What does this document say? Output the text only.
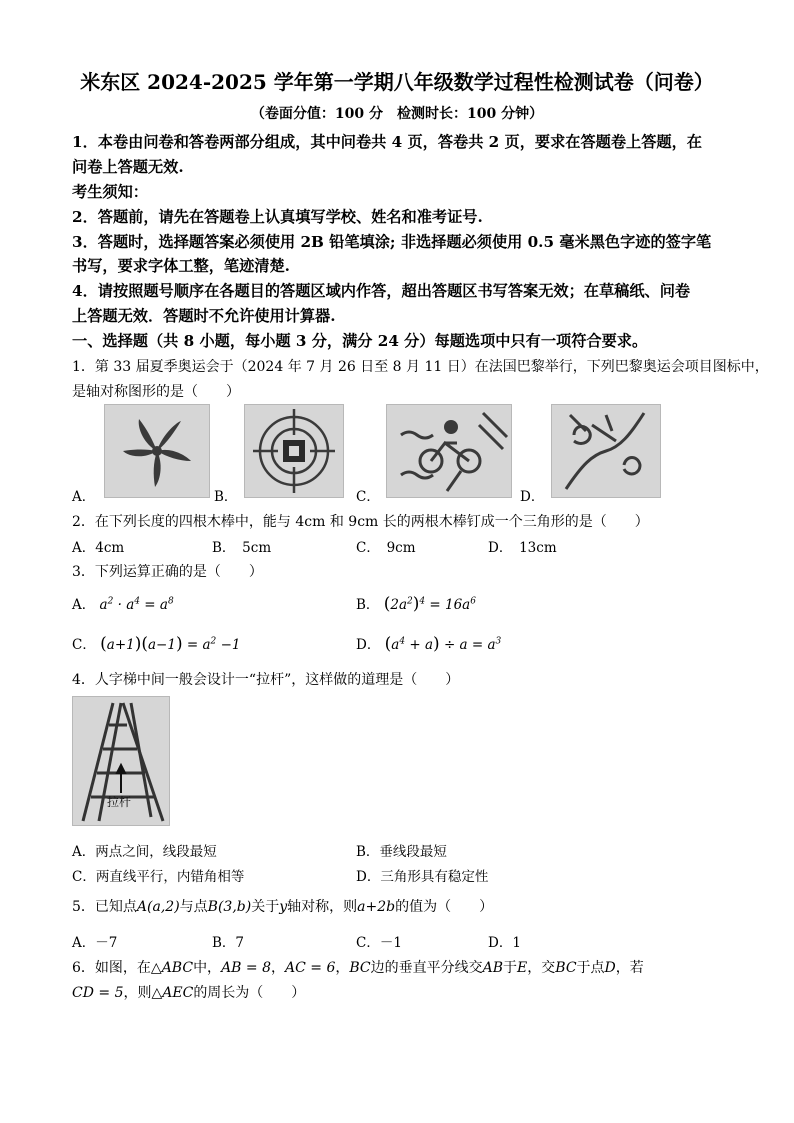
米东区 2024-2025 学年第一学期八年级数学过程性检测试卷（问卷）
（卷面分值：100 分　检测时长：100 分钟）
1．本卷由问卷和答卷两部分组成，其中问卷共 4 页，答卷共 2 页，要求在答题卷上答题，在
问卷上答题无效.
考生须知：
2．答题前，请先在答题卷上认真填写学校、姓名和准考证号.
3．答题时，选择题答案必须使用 2B 铅笔填涂; 非选择题必须使用 0.5 毫米黑色字迹的签字笔
书写，要求字体工整，笔迹清楚.
4．请按照题号顺序在各题目的答题区域内作答，超出答题区书写答案无效；在草稿纸、问卷
上答题无效．答题时不允许使用计算器.
一、选择题（共 8 小题，每小题 3 分，满分 24 分）每题选项中只有一项符合要求。
1．第 33 届夏季奥运会于（2024 年 7 月 26 日至 8 月 11 日）在法国巴黎举行，下列巴黎奥运会项目图标中，
是轴对称图形的是（　　）
A．	B．	C．	D．
2．在下列长度的四根木棒中，能与 4cm 和 9cm 长的两根木棒钉成一个三角形的是（　　）
A．4cm	B．　5cm	C．　9cm	D．　13cm
3．下列运算正确的是（　　）
A． $a^2 \cdot a^4 = a^8$	B． $(2a^2)^4 = 16a^6$
C． $(a+1)(a-1) = a^2 -1$	D． $(a^4 + a) \div a = a^3$
4．人字梯中间一般会设计一“拉杆”，这样做的道理是（　　）
拉杆
A．两点之间，线段最短	B．垂线段最短
C．两直线平行，内错角相等	D．三角形具有稳定性
5．已知点A(a,2)与点B(3,b)关于y轴对称，则a+2b的值为（　　）
A．－7	B．7	C．－1	D．1
6．如图，在△ABC中，AB = 8，AC = 6，BC边的垂直平分线交AB于E，交BC于点D，若
CD = 5，则△AEC的周长为（　　）
